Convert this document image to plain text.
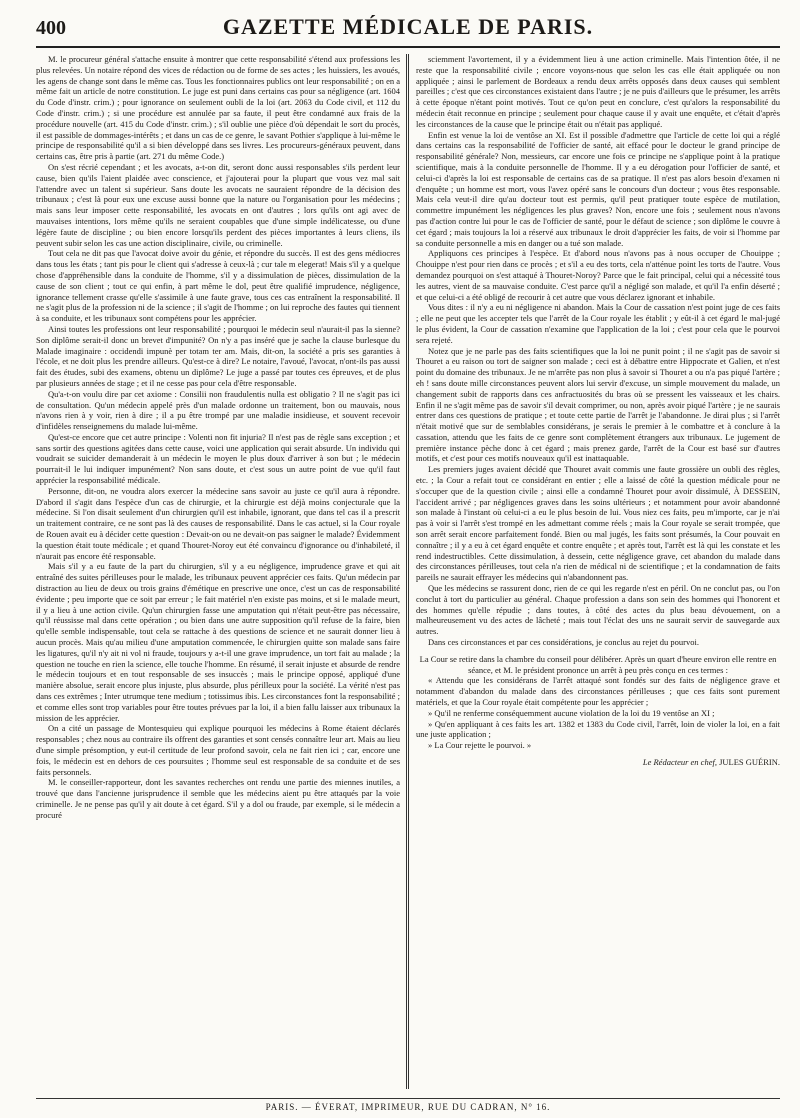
400	GAZETTE MÉDICALE DE PARIS.

M. le procureur général s'attache ensuite à montrer que cette responsabilité s'étend aux professions les plus relevées. Un notaire répond des vices de rédaction ou de forme de ses actes ; les huissiers, les avoués, les agens de change sont dans le même cas. Tous les fonctionnaires publics ont leur responsabilité ; on en a même fait un article de notre constitution. Le juge est puni dans certains cas pour sa négligence (art. 1604 du Code d'instr. crim.) ; pour ignorance on seulement oubli de la loi (art. 2063 du Code civil, et 112 du Code d'instr. crim.) ; si une procédure est annulée par sa faute, il peut être condamné aux frais de la procédure nouvelle (art. 415 du Code d'instr. crim.) ; s'il oublie une pièce d'où dépendait le sort du procès, il est passible de dommages-intérêts ; et dans un cas de ce genre, le savant Pothier s'applique à lui-même le principe de responsabilité qu'il a si bien développé dans ses livres. Les procureurs-généraux peuvent, dans certains cas, être pris à partie (art. 271 du même Code.)

On s'est récrié cependant ; et les avocats, a-t-on dit, seront donc aussi responsables s'ils perdent leur cause, bien qu'ils l'aient plaidée avec conscience, et j'ajouterai pour la plupart que vous vez mal sait l'attendre avec un talent si supérieur. Sans doute les avocats ne sauraient répondre de la décision des tribunaux ; c'est là pour eux une excuse aussi bonne que la nature ou l'organisation pour les médecins ; mais sans leur imposer cette responsabilité, les avocats en ont d'autres ; lors qu'ils ont agi avec de mauvaises intentions, lors même qu'ils ne seraient coupables que d'une simple indélicatesse, ou d'une légère faute de discipline ; ou bien encore lorsqu'ils perdent des pièces importantes à leurs cliens, ils peuvent subir selon les cas une action disciplinaire, civile, ou criminelle.

Tout cela ne dit pas que l'avocat doive avoir du génie, et répondre du succès. Il est des gens médiocres dans tous les états ; tant pis pour le client qui s'adresse à ceux-là ; cur tale m elegerat! Mais s'il y a quelque chose d'appréhensible dans la conduite de l'homme, s'il y a dissimulation de pièces, dissimulation de la cause de son client ; tout ce qui enfin, à part même le dol, peut être qualifié imprudence, négligence, ignorance tellement crasse qu'elle s'assimile à une faute grave, tous ces cas entraînent la responsabilité. Il ne s'agit plus de la profession ni de la science ; il s'agit de l'homme ; on lui reproche des fautes qui tiennent à sa conduite, et les tribunaux sont compétens pour les apprécier.

Ainsi toutes les professions ont leur responsabilité ; pourquoi le médecin seul n'aurait-il pas la sienne? Son diplôme serait-il donc un brevet d'impunité? On n'y a pas inséré que je sache la clause burlesque du Malade imaginaire : occidendi impunè per totam ter am. Mais, dit-on, la société a pris ses garanties à l'école, et ne doit plus les prendre ailleurs. Qu'est-ce à dire? Le notaire, l'avoué, l'avocat, n'ont-ils pas aussi fait des études, subi des examens, obtenu un diplôme? Le juge a passé par toutes ces épreuves, et de plus par plusieurs années de stage ; et il ne cesse pas pour cela d'être responsable.

Qu'a-t-on voulu dire par cet axiome : Consilii non fraudulentis nulla est obligatio ? Il ne s'agit pas ici de consultation. Qu'un médecin appelé près d'un malade ordonne un traitement, bon ou mauvais, nous n'avons rien à y voir, rien à dire ; il a pu être trompé par une maladie insidieuse, et souvent recevoir d'infidèles renseignemens du malade lui-même.

Qu'est-ce encore que cet autre principe : Volenti non fit injuria? Il n'est pas de règle sans exception ; et sans sortir des questions agitées dans cette cause, voici une application qui serait absurde. Un individu qui voudrait se suicider demanderait à un médecin le moyen le plus doux d'arriver à son but ; le médecin pourrait-il le lui indiquer impunément? Non sans doute, et c'est sous un autre point de vue qu'il faut apprécier la responsabilité médicale.

Personne, dit-on, ne voudra alors exercer la médecine sans savoir au juste ce qu'il aura à répondre. D'abord il s'agit dans l'espèce d'un cas de chirurgie, et la chirurgie est déjà moins conjecturale que la médecine. Si l'on disait seulement d'un chirurgien qu'il est inhabile, ignorant, que dans tel cas il a prescrit un traitement contraire, ce ne sont pas là des causes de responsabilité. Dans le cas actuel, si la Cour royale de Rouen avait eu à décider cette question : Devait-on ou ne devait-on pas saigner le malade? Évidemment la question était toute médicale ; et quand Thouret-Noroy eut été convaincu d'ignorance ou d'inhabileté, il n'aurait pas encore été responsable.

Mais s'il y a eu faute de la part du chirurgien, s'il y a eu négligence, imprudence grave et qui ait entraîné des suites périlleuses pour le malade, les tribunaux peuvent apprécier ces faits. Qu'un médecin par distraction au lieu de deux ou trois grains d'émétique en prescrive une once, c'est un cas de responsabilité évidente ; peu importe que ce soit par erreur ; le fait matériel n'en existe pas moins, et si le malade meurt, il y a lieu à une action civile. Qu'un chirurgien fasse une amputation qui n'était peut-être pas nécessaire, qu'il réussisse mal dans cette opération ; ou bien dans une autre supposition qu'il refuse de la faire, bien qu'elle semble indispensable, tout cela se rattache à des questions de science et ne saurait donner lieu à aucun procès. Mais qu'au milieu d'une amputation commencée, le chirurgien quitte son malade sans faire les ligatures, qu'il n'y ait ni vol ni fraude, toujours y a-t-il une grave imprudence, un tort fait au malade ; la question ne touche en rien la science, elle touche l'homme. En résumé, il serait injuste et absurde de rendre le médecin toujours et en tout responsable de ses insuccès ; mais le principe opposé, appliqué d'une manière absolue, serait encore plus injuste, plus absurde, plus périlleux pour la société. La vérité n'est pas dans ces extrêmes ; Inter utrumque tene medium ; totissimus ibis. Les circonstances font la responsabilité ; et comme elles sont trop variables pour être toutes prévues par la loi, il a bien fallu laisser aux tribunaux la mission de les apprécier.

On a cité un passage de Montesquieu qui explique pourquoi les médecins à Rome étaient déclarés responsables ; chez nous au contraire ils offrent des garanties et sont censés connaître leur art. Mais au lieu d'une simple présomption, y eut-il certitude de leur profond savoir, cela ne fait rien ici ; car, encore une fois, le médecin est en dehors de ces poursuites ; l'homme seul est responsable de sa conduite et de ses faits personnels.

M. le conseiller-rapporteur, dont les savantes recherches ont rendu une partie des miennes inutiles, a trouvé que dans l'ancienne jurisprudence il semble que les médecins aient pu être attaqués par la voie criminelle. Je ne pense pas qu'il y ait doute à cet égard. S'il y a dol ou fraude, par exemple, si le médecin a procuré

sciemment l'avortement, il y a évidemment lieu à une action criminelle. Mais l'intention ôtée, il ne reste que la responsabilité civile ; encore voyons-nous que selon les cas elle était appliquée ou non appliquée ; ainsi le parlement de Bordeaux a rendu deux arrêts opposés dans deux causes qui semblent pareilles ; c'est que ces circonstances existaient dans l'autre ; je ne puis d'ailleurs que le présumer, les arrêts à cette époque n'étant point motivés. Tout ce qu'on peut en conclure, c'est qu'alors la responsabilité du médecin était reconnue en principe ; seulement pour chaque cause il y avait une enquête, et c'était d'après les circonstances de la cause que le principe était ou n'était pas appliqué.

Enfin est venue la loi de ventôse an XI. Est il possible d'admettre que l'article de cette loi qui a réglé dans certains cas la responsabilité de l'officier de santé, ait effacé pour le docteur le grand principe de responsabilité générale? Non, messieurs, car encore une fois ce principe ne s'applique point à la pratique scientifique, mais à la conduite personnelle de l'homme. Il y a eu dérogation pour l'officier de santé, et celui-ci d'après la loi est responsable de certains cas de sa pratique. Il n'est pas alors besoin d'examen ni d'enquête ; un homme est mort, vous l'avez opéré sans le concours d'un docteur ; vous êtes responsable. Mais cela veut-il dire qu'au docteur tout est permis, qu'il peut pratiquer toute espèce de mutilation, commettre impunément les négligences les plus graves? Non, encore une fois ; seulement nous n'avons pas d'action contre lui pour le cas de l'officier de santé, pour le défaut de science ; son diplôme le couvre à cet égard ; mais toujours la loi a réservé aux tribunaux le droit d'apprécier les faits, de voir si l'homme par sa conduite personnelle a mis en danger ou a tué son malade.

Appliquons ces principes à l'espèce. Et d'abord nous n'avons pas à nous occuper de Chouippe ; Chouippe n'est pour rien dans ce procès ; et s'il a eu des torts, cela n'atténue point les torts de l'autre. Vous demandez pourquoi on s'est attaqué à Thouret-Noroy? Parce que le fait principal, celui qui a nécessité tous les autres, vient de sa mauvaise conduite. C'est parce qu'il a négligé son malade, et qu'il l'a enfin déserté ; et que celui-ci a été obligé de recourir à cet autre que vous déclarez ignorant et inhabile.

Vous dites : il n'y a eu ni négligence ni abandon. Mais la Cour de cassation n'est point juge de ces faits ; elle ne peut que les accepter tels que l'arrêt de la Cour royale les établit ; y eût-il à cet égard le mal-jugé le plus évident, la Cour de cassation n'examine que l'application de la loi ; c'est pour cela que le pourvoi sera rejeté.

Notez que je ne parle pas des faits scientifiques que la loi ne punit point ; il ne s'agit pas de savoir si Thouret a eu raison ou tort de saigner son malade ; ceci est à débattre entre Hippocrate et Galien, et n'est point du domaine des tribunaux. Je ne m'arrête pas non plus à savoir si Thouret a ou n'a pas piqué l'artère ; eh ! sans doute mille circonstances peuvent alors lui servir d'excuse, un simple mouvement du malade, un changement subit de rapports dans ces anfractuosités du bras où se pressent les vaisseaux et les chairs. Enfin il ne s'agit même pas de savoir s'il devait comprimer, ou non, après avoir piqué l'artère ; je ne saurais entrer dans ces questions de pratique ; et toute cette partie de l'arrêt je l'abandonne. Je dirai plus ; si l'arrêt n'était motivé que sur de semblables considérans, je serais le premier à le combattre et à conclure à la cassation, attendu que les faits de ce genre sont complètement étrangers aux tribunaux. Le jugement de première instance pèche donc à cet égard ; mais prenez garde, l'arrêt de la Cour est basé sur d'autres motifs, et c'est pour ces motifs nouveaux qu'il est inattaquable.

Les premiers juges avaient décidé que Thouret avait commis une faute grossière un oubli des règles, etc. ; la Cour a refait tout ce considérant en entier ; elle a laissé de côté la question médicale pour ne s'occuper que de la question civile ; ainsi elle a condamné Thouret pour avoir dissimulé, À DESSEIN, l'accident arrivé ; par négligences graves dans les soins ultérieurs ; et notamment pour avoir abandonné son malade à l'instant où celui-ci a eu le plus besoin de lui. Vous niez ces faits, peu m'importe, car je n'ai pas à voir si l'arrêt s'est trompé en les admettant comme réels ; mais la Cour royale se serait trompée, que son arrêt serait encore parfaitement fondé. Bien ou mal jugés, les faits sont présumés, la Cour pouvait en connaître ; il y a eu à cet égard enquête et contre enquête ; et après tout, l'arrêt est là qui les constate et les rend indestructibles. Cette dissimulation, à dessein, cette négligence grave, cet abandon du malade dans des circonstances périlleuses, tout cela n'a rien de médical ni de scientifique ; et la condamnation de faits pareils ne saurait effrayer les médecins qui n'abandonnent pas.

Que les médecins se rassurent donc, rien de ce qui les regarde n'est en péril. On ne conclut pas, ou l'on conclut à tort du particulier au général. Chaque profession a dans son sein des hommes qui l'honorent et des hommes qu'elle répudie ; dans toutes, à côté des actes du plus beau dévouement, on a malheureusement vu des actes de lâcheté ; mais tout l'éclat des uns ne saurait servir de sauvegarde aux autres.

Dans ces circonstances et par ces considérations, je conclus au rejet du pourvoi.

La Cour se retire dans la chambre du conseil pour délibérer. Après un quart d'heure environ elle rentre en séance, et M. le président prononce un arrêt à peu près conçu en ces termes :

« Attendu que les considérans de l'arrêt attaqué sont fondés sur des faits de négligence grave et notamment d'abandon du malade dans des circonstances périlleuses ; que ces faits sont purement matériels, et que la Cour royale était compétente pour les apprécier ;

» Qu'il ne renferme conséquemment aucune violation de la loi du 19 ventôse an XI ;

» Qu'en appliquant à ces faits les art. 1382 et 1383 du Code civil, l'arrêt, loin de violer la loi, en a fait une juste application ;

» La Cour rejette le pourvoi. »

Le Rédacteur en chef, JULES GUÉRIN.
PARIS. — ÉVERAT, IMPRIMEUR, RUE DU CADRAN, N° 16.
